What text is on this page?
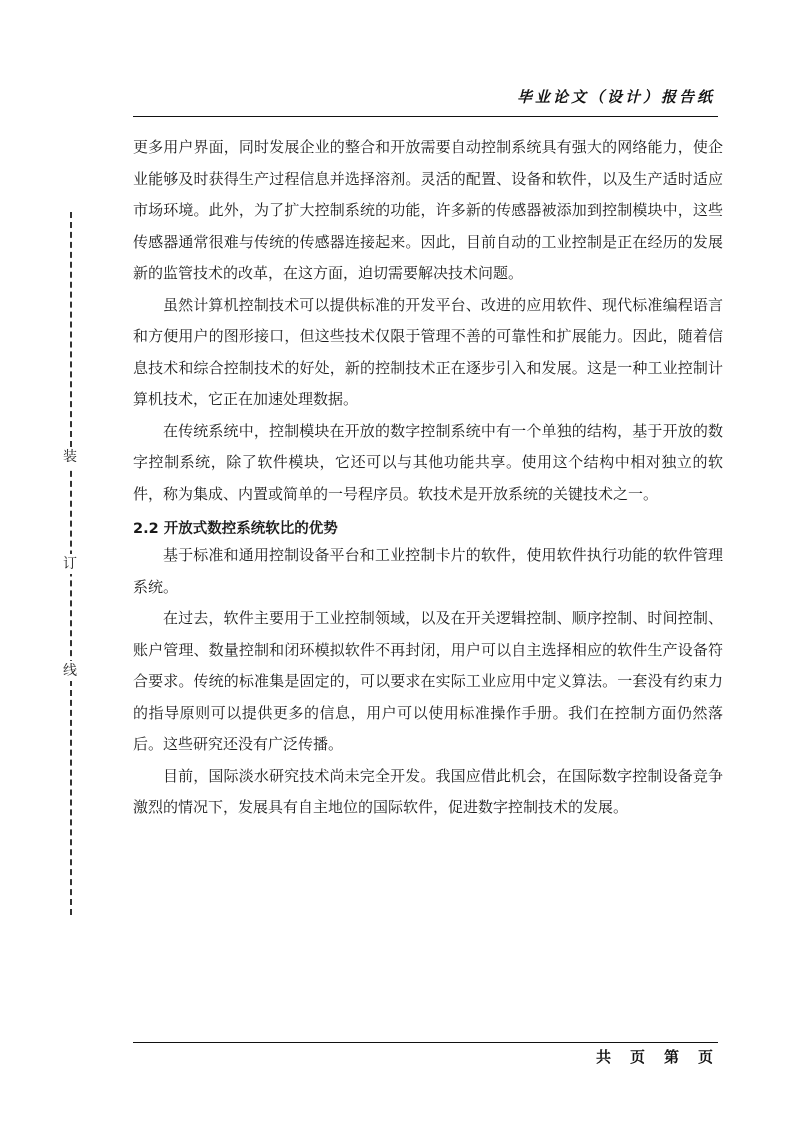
毕业论文（设计）报告纸
装
订
线

更多用户界面，同时发展企业的整合和开放需要自动控制系统具有强大的网络能力，使企业能够及时获得生产过程信息并选择溶剂。灵活的配置、设备和软件，以及生产适时适应市场环境。此外，为了扩大控制系统的功能，许多新的传感器被添加到控制模块中，这些传感器通常很难与传统的传感器连接起来。因此，目前自动的工业控制是正在经历的发展新的监管技术的改革，在这方面，迫切需要解决技术问题。

虽然计算机控制技术可以提供标准的开发平台、改进的应用软件、现代标准编程语言和方便用户的图形接口，但这些技术仅限于管理不善的可靠性和扩展能力。因此，随着信息技术和综合控制技术的好处，新的控制技术正在逐步引入和发展。这是一种工业控制计算机技术，它正在加速处理数据。

在传统系统中，控制模块在开放的数字控制系统中有一个单独的结构，基于开放的数字控制系统，除了软件模块，它还可以与其他功能共享。使用这个结构中相对独立的软件，称为集成、内置或简单的一号程序员。软技术是开放系统的关键技术之一。

2.2 开放式数控系统软比的优势

基于标准和通用控制设备平台和工业控制卡片的软件，使用软件执行功能的软件管理系统。

在过去，软件主要用于工业控制领域，以及在开关逻辑控制、顺序控制、时间控制、账户管理、数量控制和闭环模拟软件不再封闭，用户可以自主选择相应的软件生产设备符合要求。传统的标准集是固定的，可以要求在实际工业应用中定义算法。一套没有约束力的指导原则可以提供更多的信息，用户可以使用标准操作手册。我们在控制方面仍然落后。这些研究还没有广泛传播。

目前，国际淡水研究技术尚未完全开发。我国应借此机会，在国际数字控制设备竞争激烈的情况下，发展具有自主地位的国际软件，促进数字控制技术的发展。

共 页 第 页
